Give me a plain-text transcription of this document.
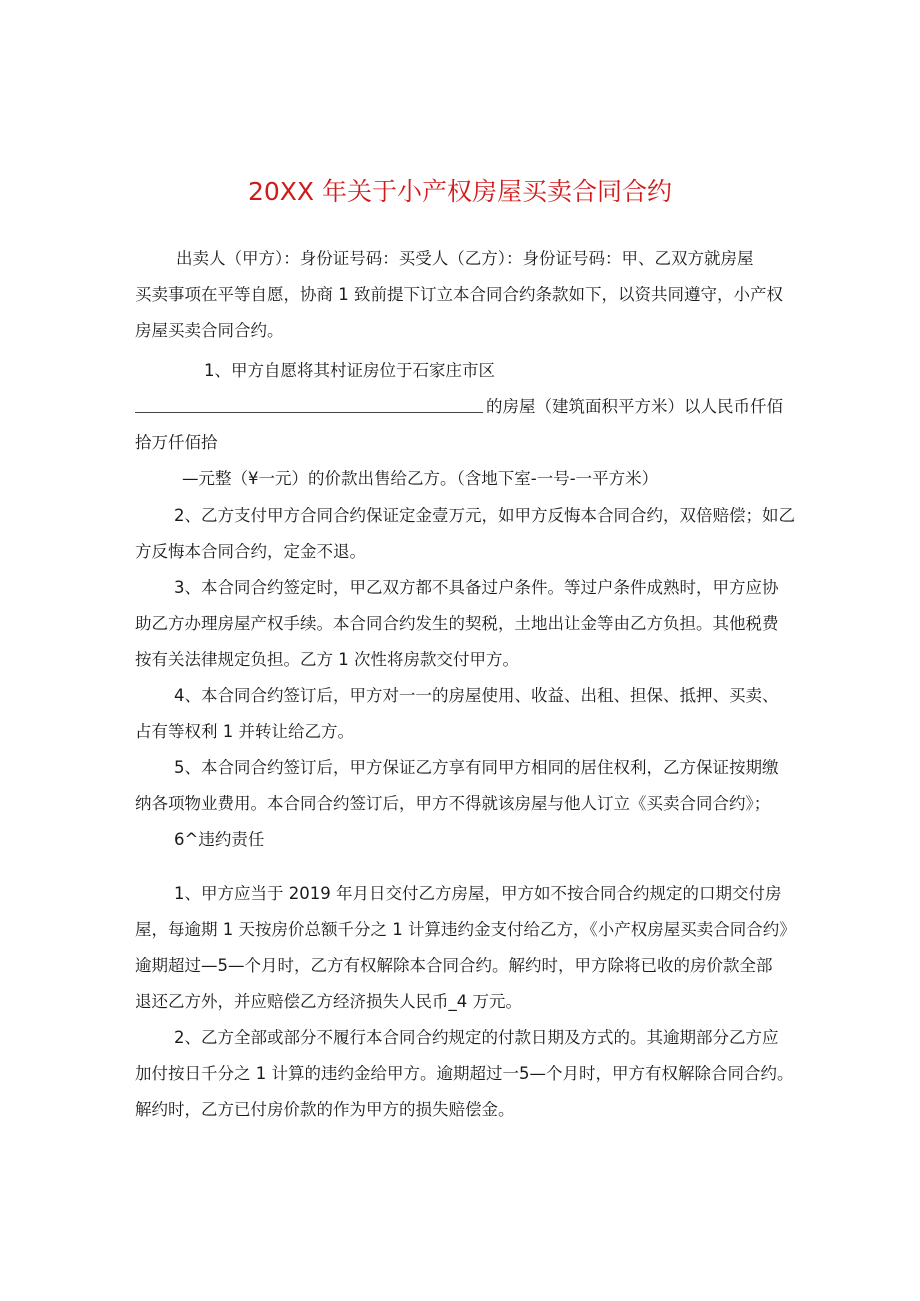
20XX 年关于小产权房屋买卖合同合约
出卖人（甲方）：身份证号码：买受人（乙方）：身份证号码：甲、乙双方就房屋
买卖事项在平等自愿，协商 1 致前提下订立本合同合约条款如下，以资共同遵守，小产权
房屋买卖合同合约。
1、甲方自愿将其村证房位于石家庄市区
的房屋（建筑面积平方米）以人民币仟佰
拾万仟佰拾
—元整（¥一元）的价款出售给乙方。（含地下室-一号-一平方米）
2、乙方支付甲方合同合约保证定金壹万元，如甲方反悔本合同合约，双倍赔偿；如乙
方反悔本合同合约，定金不退。
3、本合同合约签定时，甲乙双方都不具备过户条件。等过户条件成熟时，甲方应协
助乙方办理房屋产权手续。本合同合约发生的契税，土地出让金等由乙方负担。其他税费
按有关法律规定负担。乙方 1 次性将房款交付甲方。
4、本合同合约签订后，甲方对一一的房屋使用、收益、出租、担保、抵押、买卖、
占有等权利 1 并转让给乙方。
5、本合同合约签订后，甲方保证乙方享有同甲方相同的居住权利，乙方保证按期缴
纳各项物业费用。本合同合约签订后，甲方不得就该房屋与他人订立《买卖合同合约》；
6^违约责任
1、甲方应当于 2019 年月日交付乙方房屋，甲方如不按合同合约规定的口期交付房
屋，每逾期 1 天按房价总额千分之 1 计算违约金支付给乙方，《小产权房屋买卖合同合约》
逾期超过—5—个月时，乙方有权解除本合同合约。解约时，甲方除将已收的房价款全部
退还乙方外，并应赔偿乙方经济损失人民币_4 万元。
2、乙方全部或部分不履行本合同合约规定的付款日期及方式的。其逾期部分乙方应
加付按日千分之 1 计算的违约金给甲方。逾期超过一5—个月时，甲方有权解除合同合约。
解约时，乙方已付房价款的作为甲方的损失赔偿金。
